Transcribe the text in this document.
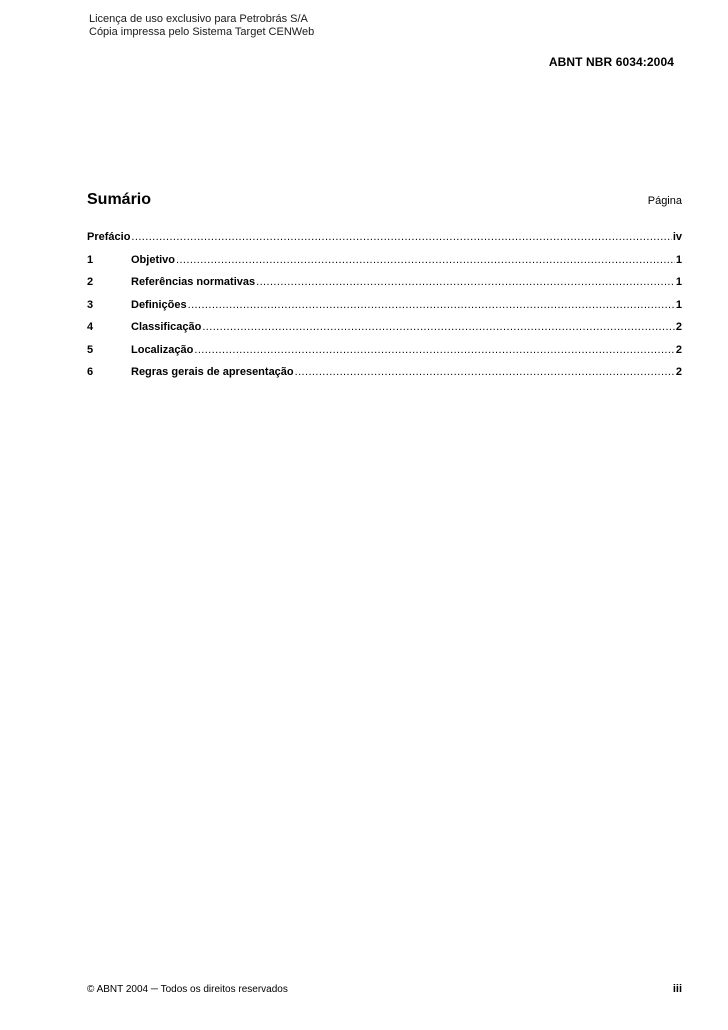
Licença de uso exclusivo para Petrobrás S/A
Cópia impressa pelo Sistema Target CENWeb
ABNT NBR 6034:2004
Sumário	Página
Prefácio .....	iv
1	Objetivo .....	1
2	Referências normativas .....	1
3	Definições .....	1
4	Classificação .....	2
5	Localização .....	2
6	Regras gerais de apresentação .....	2
© ABNT 2004 ─ Todos os direitos reservados	iii
